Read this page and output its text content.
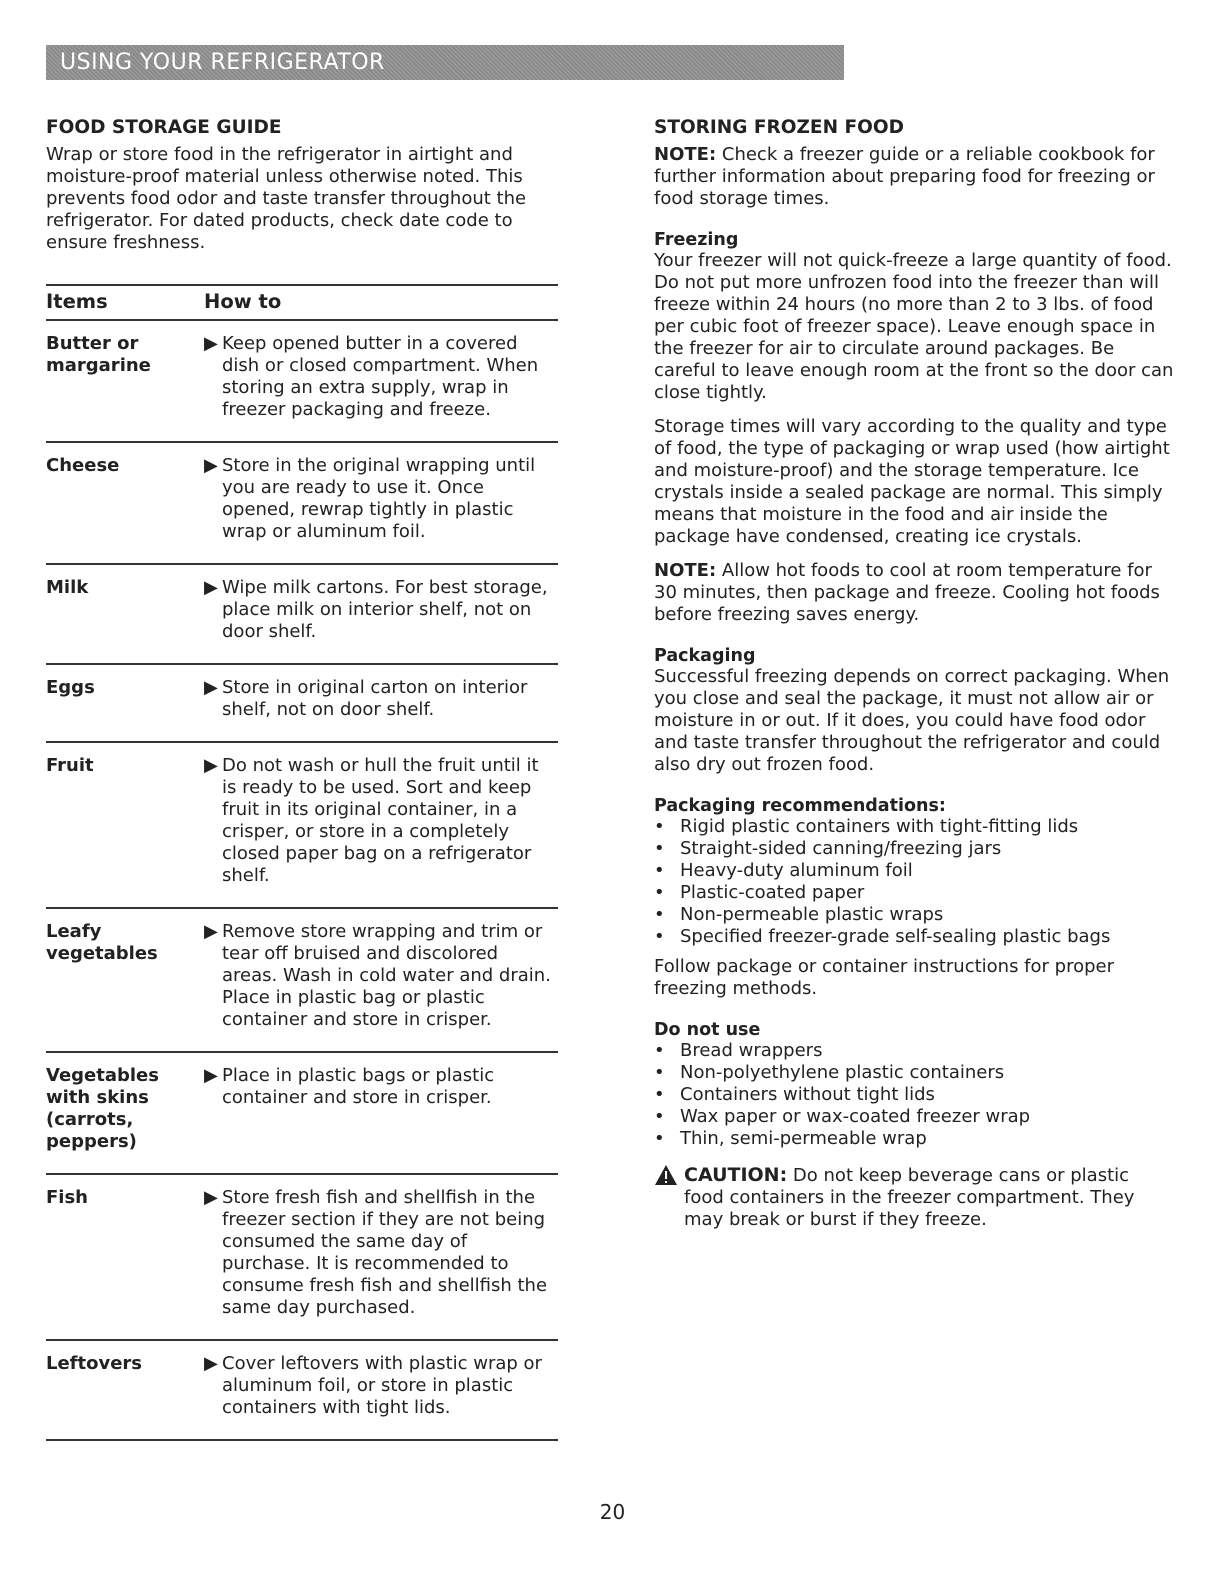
USING YOUR REFRIGERATOR
FOOD STORAGE GUIDE

Wrap or store food in the refrigerator in airtight and moisture-proof material unless otherwise noted. This prevents food odor and taste transfer throughout the refrigerator. For dated products, check date code to ensure freshness.

Items	How to
Butter or margarine	▶ Keep opened butter in a covered dish or closed compartment. When storing an extra supply, wrap in freezer packaging and freeze.

Cheese	▶ Store in the original wrapping until you are ready to use it. Once opened, rewrap tightly in plastic wrap or aluminum foil.

Milk	▶ Wipe milk cartons. For best storage, place milk on interior shelf, not on door shelf.

Eggs	▶ Store in original carton on interior shelf, not on door shelf.

Fruit	▶ Do not wash or hull the fruit until it is ready to be used. Sort and keep fruit in its original container, in a crisper, or store in a completely closed paper bag on a refrigerator shelf.

Leafy vegetables	▶ Remove store wrapping and trim or tear off bruised and discolored areas. Wash in cold water and drain. Place in plastic bag or plastic container and store in crisper.

Vegetables with skins (carrots, peppers)	▶ Place in plastic bags or plastic container and store in crisper.

Fish	▶ Store fresh fish and shellfish in the freezer section if they are not being consumed the same day of purchase. It is recommended to consume fresh fish and shellfish the same day purchased.

Leftovers	▶ Cover leftovers with plastic wrap or aluminum foil, or store in plastic containers with tight lids.
STORING FROZEN FOOD

NOTE: Check a freezer guide or a reliable cookbook for further information about preparing food for freezing or food storage times.

Freezing

Your freezer will not quick-freeze a large quantity of food. Do not put more unfrozen food into the freezer than will freeze within 24 hours (no more than 2 to 3 lbs. of food per cubic foot of freezer space). Leave enough space in the freezer for air to circulate around packages. Be careful to leave enough room at the front so the door can close tightly.

Storage times will vary according to the quality and type of food, the type of packaging or wrap used (how airtight and moisture-proof) and the storage temperature. Ice crystals inside a sealed package are normal. This simply means that moisture in the food and air inside the package have condensed, creating ice crystals.

NOTE: Allow hot foods to cool at room temperature for 30 minutes, then package and freeze. Cooling hot foods before freezing saves energy.

Packaging

Successful freezing depends on correct packaging. When you close and seal the package, it must not allow air or moisture in or out. If it does, you could have food odor and taste transfer throughout the refrigerator and could also dry out frozen food.

Packaging recommendations:
• Rigid plastic containers with tight-fitting lids
• Straight-sided canning/freezing jars
• Heavy-duty aluminum foil
• Plastic-coated paper
• Non-permeable plastic wraps
• Specified freezer-grade self-sealing plastic bags

Follow package or container instructions for proper freezing methods.

Do not use
• Bread wrappers
• Non-polyethylene plastic containers
• Containers without tight lids
• Wax paper or wax-coated freezer wrap
• Thin, semi-permeable wrap
CAUTION: Do not keep beverage cans or plastic food containers in the freezer compartment. They may break or burst if they freeze.
20
